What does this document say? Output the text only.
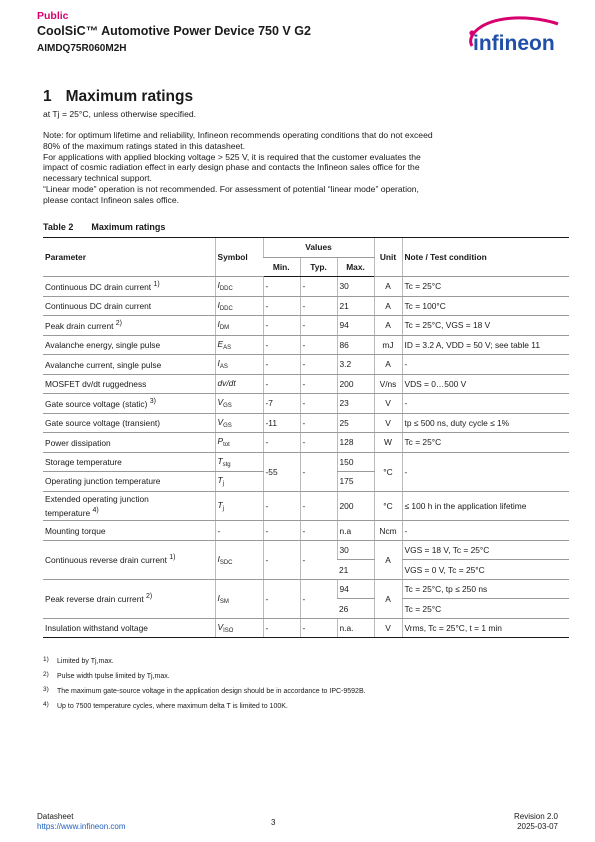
Public
CoolSiC™ Automotive Power Device 750 V G2
AIMDQ75R060M2H	infineon
1 Maximum ratings
at Tj = 25°C, unless otherwise specified.
Note: for optimum lifetime and reliability, Infineon recommends operating conditions that do not exceed
80% of the maximum ratings stated in this datasheet.
For applications with applied blocking voltage > 525 V, it is required that the customer evaluates the
impact of cosmic radiation effect in early design phase and contacts the Infineon sales office for the
necessary technical support.
“Linear mode” operation is not recommended. For assessment of potential “linear mode” operation,
please contact Infineon sales office.
Table 2 Maximum ratings
Parameter	Symbol	Values			Unit	Note / Test condition
		Min.	Typ.	Max.		
Continuous DC drain current $^{1)}$	$I_{DDC}$	-	-	30	A	Tc = 25°C
Continuous DC drain current	$I_{DDC}$	-	-	21	A	Tc = 100°C
Peak drain current $^{2)}$	$I_{DM}$	-	-	94	A	Tc = 25°C, VGS = 18 V
Avalanche energy, single pulse	$E_{AS}$	-	-	86	mJ	ID = 3.2 A, VDD = 50 V; see table 11
Avalanche current, single pulse	$I_{AS}$	-	-	3.2	A	-
MOSFET dv/dt ruggedness	dv/dt	-	-	200	V/ns	VDS = 0…500 V
Gate source voltage (static) $^{3)}$	$V_{GS}$	-7	-	23	V	-
Gate source voltage (transient)	$V_{GS}$	-11	-	25	V	tp ≤ 500 ns, duty cycle ≤ 1%
Power dissipation	$P_{tot}$	-	-	128	W	Tc = 25°C
Storage temperature	$T_{stg}$	-55	-	150	°C	-
Operating junction temperature	$T_j$			175		

Extended operating junction
temperature $^{4)}$	$T_j$	-	-	200	°C	≤ 100 h in the application lifetime
Mounting torque	-	-	-	n.a	Ncm	-
Continuous reverse drain current $^{1)}$	$I_{SDC}$	-	-	30	A	VGS = 18 V, Tc = 25°C
				21		VGS = 0 V, Tc = 25°C
Peak reverse drain current $^{2)}$	$I_{SM}$	-	-	94	A	Tc = 25°C, tp ≤ 250 ns
				26		Tc = 25°C
Insulation withstand voltage	$V_{ISO}$	-	-	n.a.	V	Vrms, Tc = 25°C, t = 1 min
1) Limited by Tj,max.
2) Pulse width tpulse limited by Tj,max.
3) The maximum gate-source voltage in the application design should be in accordance to IPC-9592B.
4) Up to 7500 temperature cycles, where maximum delta T is limited to 100K.
Datasheet
https://www.infineon.com	3
Revision 2.0
2025-03-07
